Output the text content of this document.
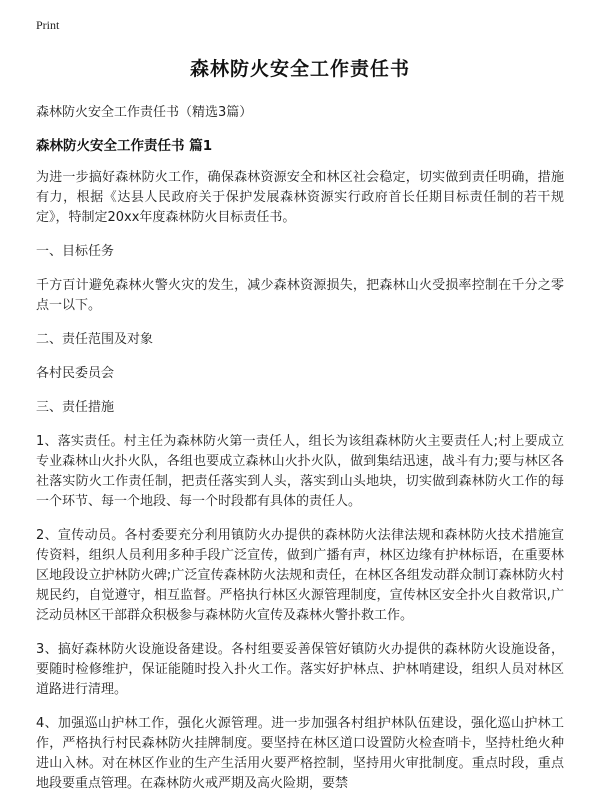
Print
森林防火安全工作责任书
森林防火安全工作责任书（精选3篇）
森林防火安全工作责任书 篇1

为进一步搞好森林防火工作，确保森林资源安全和林区社会稳定，切实做到责任明确，措施有力，根据《达县人民政府关于保护发展森林资源实行政府首长任期目标责任制的若干规定》，特制定20xx年度森林防火目标责任书。

一、目标任务

千方百计避免森林火警火灾的发生，减少森林资源损失，把森林山火受损率控制在千分之零点一以下。

二、责任范围及对象
各村民委员会
三、责任措施

1、落实责任。村主任为森林防火第一责任人，组长为该组森林防火主要责任人;村上要成立专业森林山火扑火队，各组也要成立森林山火扑火队，做到集结迅速，战斗有力;要与林区各社落实防火工作责任制，把责任落实到人头，落实到山头地块，切实做到森林防火工作的每一个环节、每一个地段、每一个时段都有具体的责任人。

2、宣传动员。各村委要充分利用镇防火办提供的森林防火法律法规和森林防火技术措施宣传资料，组织人员利用多种手段广泛宣传，做到广播有声，林区边缘有护林标语，在重要林区地段设立护林防火碑;广泛宣传森林防火法规和责任，在林区各组发动群众制订森林防火村规民约，自觉遵守，相互监督。严格执行林区火源管理制度，宣传林区安全扑火自救常识,广泛动员林区干部群众积极参与森林防火宣传及森林火警扑救工作。

3、搞好森林防火设施设备建设。各村组要妥善保管好镇防火办提供的森林防火设施设备，要随时检修维护，保证能随时投入扑火工作。落实好护林点、护林哨建设，组织人员对林区道路进行清理。

4、加强巡山护林工作，强化火源管理。进一步加强各村组护林队伍建设，强化巡山护林工作，严格执行村民森林防火挂牌制度。要坚持在林区道口设置防火检查哨卡，坚持杜绝火种进山入林。对在林区作业的生产生活用火要严格控制，坚持用火审批制度。重点时段，重点地段要重点管理。在森林防火戒严期及高火险期，要禁
